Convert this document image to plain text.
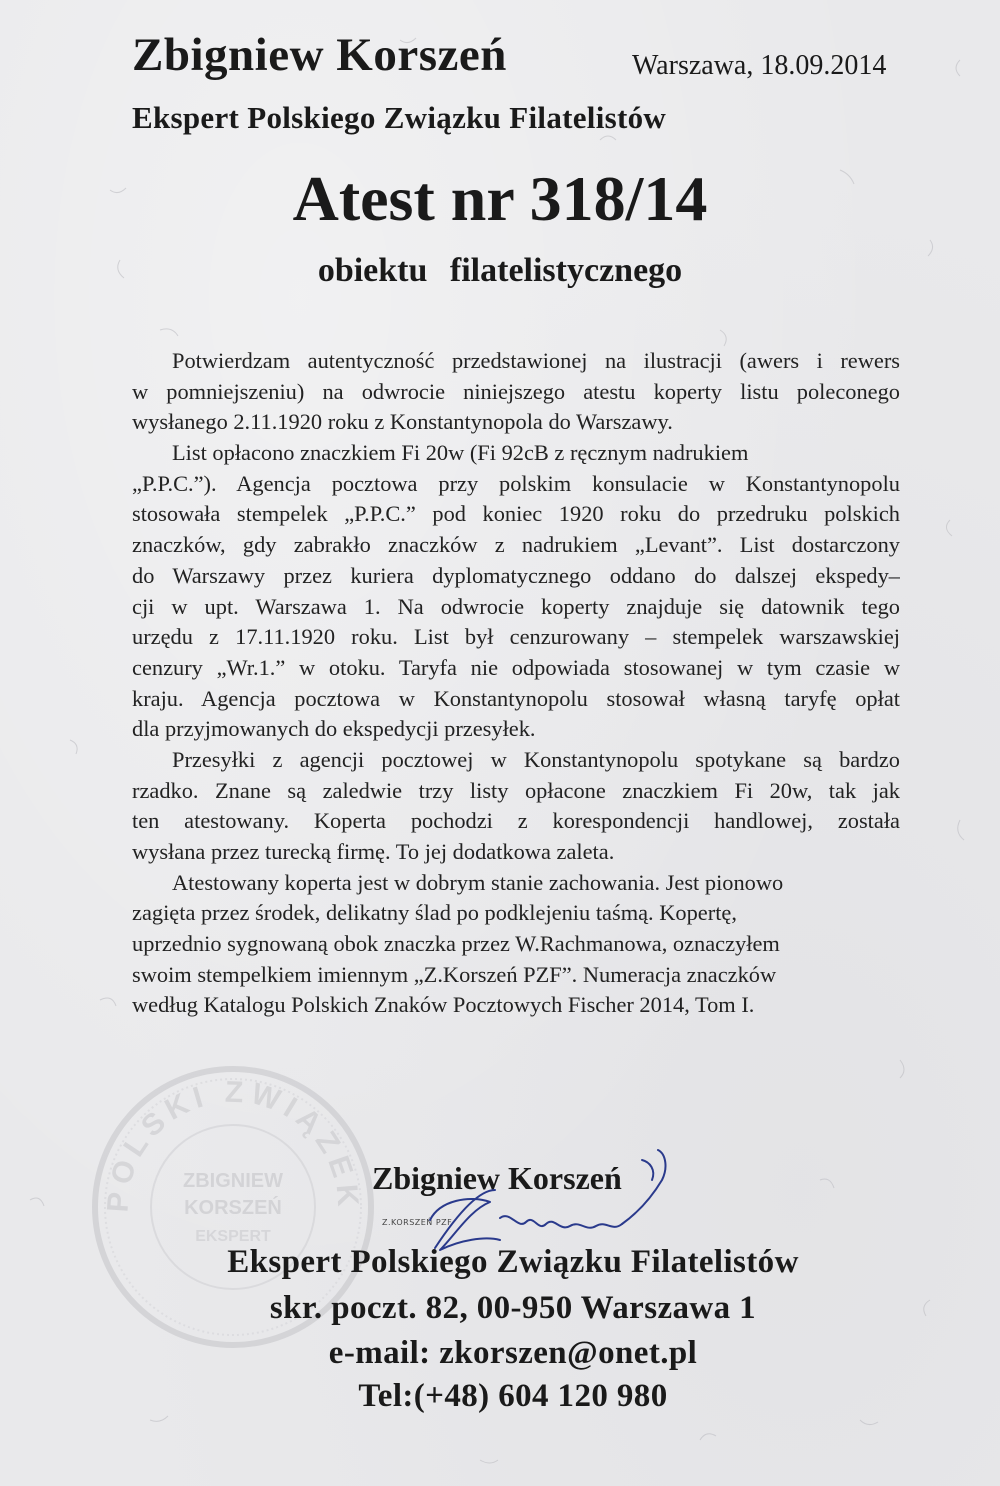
Zbigniew Korszeń	Warszawa, 18.09.2014
Ekspert Polskiego Związku Filatelistów
Atest nr 318/14
obiektu filatelistycznego
Potwierdzam autentyczność przedstawionej na ilustracji (awers i rewers
w pomniejszeniu) na odwrocie niniejszego atestu koperty listu poleconego
wysłanego 2.11.1920 roku z Konstantynopola do Warszawy.
List opłacono znaczkiem Fi 20w (Fi 92cB z ręcznym nadrukiem
„P.P.C.”). Agencja pocztowa przy polskim konsulacie w Konstantynopolu
stosowała stempelek „P.P.C.” pod koniec 1920 roku do przedruku polskich
znaczków, gdy zabrakło znaczków z nadrukiem „Levant”. List dostarczony
do Warszawy przez kuriera dyplomatycznego oddano do dalszej ekspedy–
cji w upt. Warszawa 1. Na odwrocie koperty znajduje się datownik tego
urzędu z 17.11.1920 roku. List był cenzurowany – stempelek warszawskiej
cenzury „Wr.1.” w otoku. Taryfa nie odpowiada stosowanej w tym czasie w
kraju. Agencja pocztowa w Konstantynopolu stosował własną taryfę opłat
dla przyjmowanych do ekspedycji przesyłek.
Przesyłki z agencji pocztowej w Konstantynopolu spotykane są bardzo
rzadko. Znane są zaledwie trzy listy opłacone znaczkiem Fi 20w, tak jak
ten atestowany. Koperta pochodzi z korespondencji handlowej, została
wysłana przez turecką firmę. To jej dodatkowa zaleta.
Atestowany koperta jest w dobrym stanie zachowania. Jest pionowo
zagięta przez środek, delikatny ślad po podklejeniu taśmą. Kopertę,
uprzednio sygnowaną obok znaczka przez W.Rachmanowa, oznaczyłem
swoim stempelkiem imiennym „Z.Korszeń PZF”. Numeracja znaczków
według Katalogu Polskich Znaków Pocztowych Fischer 2014, Tom I.
POLSKI ZWIĄZEK
ZBIGNIEW
KORSZEŃ
EKSPERT
Zbigniew Korszeń
Z.KORSZEŃ PZF
Ekspert Polskiego Związku Filatelistów
skr. poczt. 82, 00-950 Warszawa 1
e-mail: zkorszen@onet.pl
Tel:(+48) 604 120 980
